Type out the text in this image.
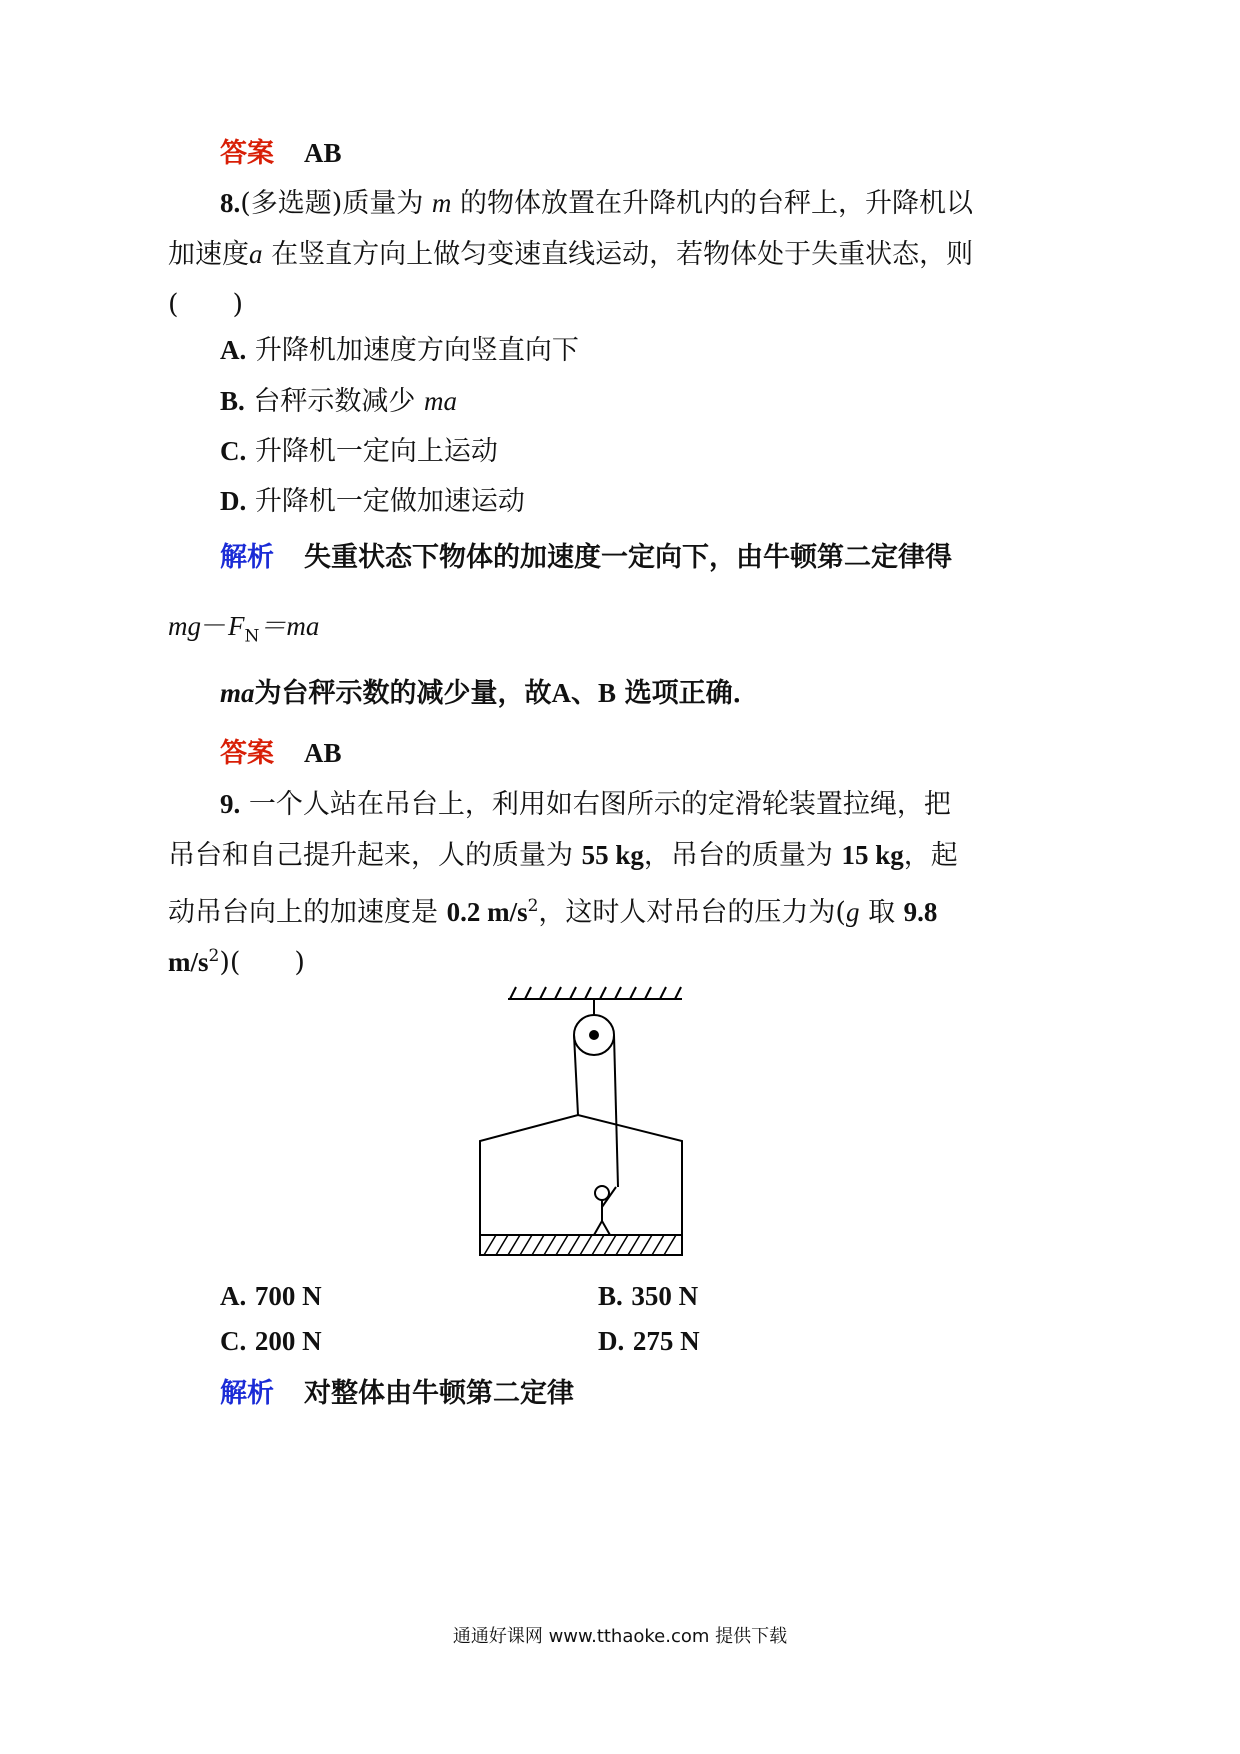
答案 AB
8.(多选题)质量为 m 的物体放置在升降机内的台秤上，升降机以
加速度a 在竖直方向上做匀变速直线运动，若物体处于失重状态，则
(　　)
A. 升降机加速度方向竖直向下
B. 台秤示数减少 ma
C. 升降机一定向上运动
D. 升降机一定做加速运动
解析 失重状态下物体的加速度一定向下，由牛顿第二定律得
$mg-F_N=ma$
ma为台秤示数的减少量，故A、B 选项正确．
答案 AB
9. 一个人站在吊台上，利用如右图所示的定滑轮装置拉绳，把
吊台和自己提升起来，人的质量为 55 kg，吊台的质量为 15 kg，起
动吊台向上的加速度是 0.2 $m/s^2$，这时人对吊台的压力为(g 取 9.8
$m/s^2$)(　　)
A. 700 N	B. 350 N
C. 200 N	D. 275 N
解析 对整体由牛顿第二定律
通通好课网 www.tthaoke.com 提供下载
